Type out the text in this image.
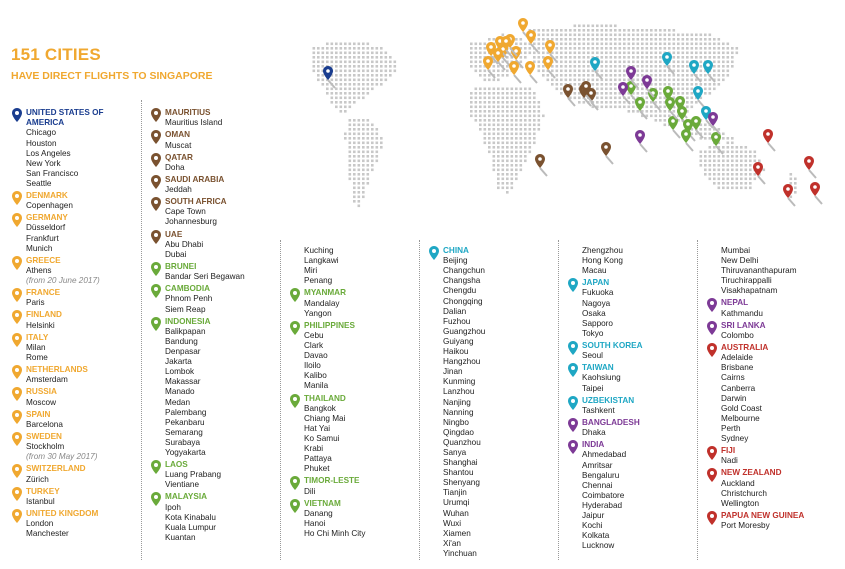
151 CITIES
HAVE DIRECT FLIGHTS TO SINGAPORE
UNITED STATES OF AMERICA
Chicago
Houston
Los Angeles
New York
San Francisco
Seattle
DENMARK
Copenhagen
GERMANY
Düsseldorf
Frankfurt
Munich
GREECE
Athens
(from 20 June 2017)
FRANCE
Paris
FINLAND
Helsinki
ITALY
Milan
Rome
NETHERLANDS
Amsterdam
RUSSIA
Moscow
SPAIN
Barcelona
SWEDEN
Stockholm
(from 30 May 2017)
SWITZERLAND
Zürich
TURKEY
Istanbul
UNITED KINGDOM
London
Manchester
MAURITIUS
Mauritius Island
OMAN
Muscat
QATAR
Doha
SAUDI ARABIA
Jeddah
SOUTH AFRICA
Cape Town
Johannesburg
UAE
Abu Dhabi
Dubai
BRUNEI
Bandar Seri Begawan
CAMBODIA
Phnom Penh
Siem Reap
INDONESIA
Balikpapan
Bandung
Denpasar
Jakarta
Lombok
Makassar
Manado
Medan
Palembang
Pekanbaru
Semarang
Surabaya
Yogyakarta
LAOS
Luang Prabang
Vientiane
MALAYSIA
Ipoh
Kota Kinabalu
Kuala Lumpur
Kuantan
Kuching
Langkawi
Miri
Penang
MYANMAR
Mandalay
Yangon
PHILIPPINES
Cebu
Clark
Davao
Iloilo
Kalibo
Manila
THAILAND
Bangkok
Chiang Mai
Hat Yai
Ko Samui
Krabi
Pattaya
Phuket
TIMOR-LESTE
Dili
VIETNAM
Danang
Hanoi
Ho Chi Minh City
CHINA
Beijing
Changchun
Changsha
Chengdu
Chongqing
Dalian
Fuzhou
Guangzhou
Guiyang
Haikou
Hangzhou
Jinan
Kunming
Lanzhou
Nanjing
Nanning
Ningbo
Qingdao
Quanzhou
Sanya
Shanghai
Shantou
Shenyang
Tianjin
Urumqi
Wuhan
Wuxi
Xiamen
Xi'an
Yinchuan
Zhengzhou
Hong Kong
Macau
JAPAN
Fukuoka
Nagoya
Osaka
Sapporo
Tokyo
SOUTH KOREA
Seoul
TAIWAN
Kaohsiung
Taipei
UZBEKISTAN
Tashkent
BANGLADESH
Dhaka
INDIA
Ahmedabad
Amritsar
Bengaluru
Chennai
Coimbatore
Hyderabad
Jaipur
Kochi
Kolkata
Lucknow
Mumbai
New Delhi
Thiruvananthapuram
Tiruchirappalli
Visakhapatnam
NEPAL
Kathmandu
SRI LANKA
Colombo
AUSTRALIA
Adelaide
Brisbane
Cairns
Canberra
Darwin
Gold Coast
Melbourne
Perth
Sydney
FIJI
Nadi
NEW ZEALAND
Auckland
Christchurch
Wellington
PAPUA NEW GUINEA
Port Moresby
